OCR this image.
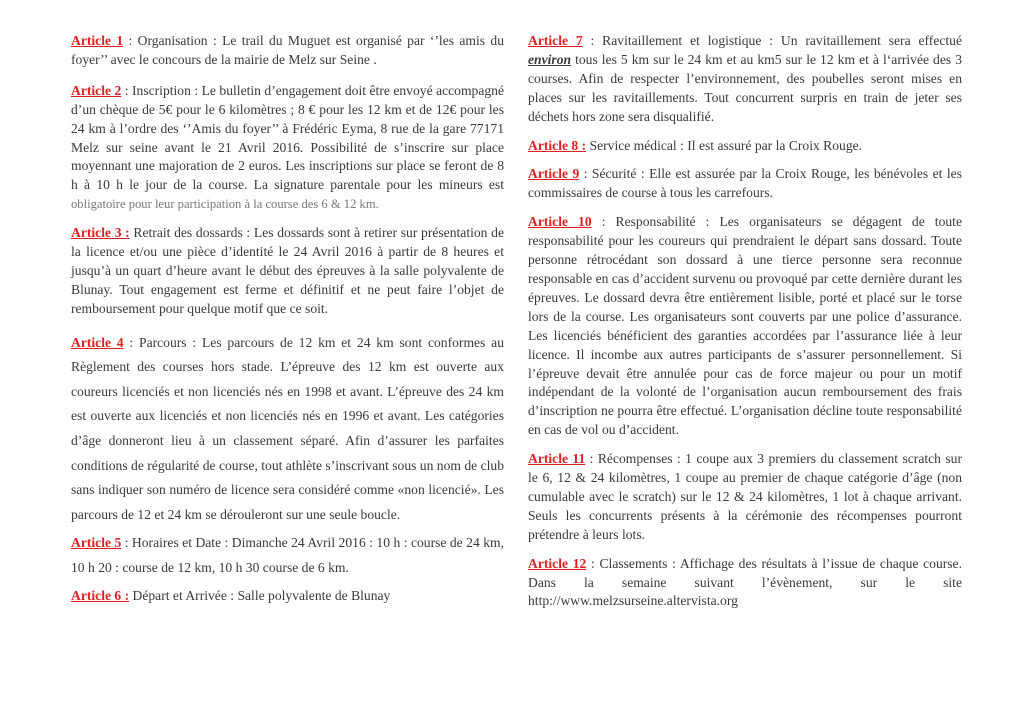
Article 1 : Organisation : Le trail du Muguet est organisé par ‘’les amis du foyer’’ avec le concours de la mairie de Melz sur Seine .

Article 2 : Inscription : Le bulletin d’engagement doit être envoyé accompagné d’un chèque de 5€ pour le 6 kilomètres ; 8 € pour les 12 km et de 12€ pour les 24 km à l’ordre des ‘’Amis du foyer’’ à Frédéric Eyma, 8 rue de la gare 77171 Melz sur seine avant le 21 Avril 2016. Possibilité de s’inscrire sur place moyennant une majoration de 2 euros. Les inscriptions sur place se feront de 8 h à 10 h le jour de la course. La signature parentale pour les mineurs est obligatoire pour leur participation à la course des 6 & 12 km.

Article 3 : Retrait des dossards : Les dossards sont à retirer sur présentation de la licence et/ou une pièce d’identité le 24 Avril 2016 à partir de 8 heures et jusqu’à un quart d’heure avant le début des épreuves à la salle polyvalente de Blunay. Tout engagement est ferme et définitif et ne peut faire l’objet de remboursement pour quelque motif que ce soit.

Article 4 : Parcours : Les parcours de 12 km et 24 km sont conformes au Règlement des courses hors stade. L’épreuve des 12 km est ouverte aux coureurs licenciés et non licenciés nés en 1998 et avant. L’épreuve des 24 km est ouverte aux licenciés et non licenciés nés en 1996 et avant. Les catégories d’âge donneront lieu à un classement séparé. Afin d’assurer les parfaites conditions de régularité de course, tout athlète s’inscrivant sous un nom de club sans indiquer son numéro de licence sera considéré comme «non licencié». Les parcours de 12 et 24 km se dérouleront sur une seule boucle.

Article 5 : Horaires et Date : Dimanche 24 Avril 2016 : 10 h : course de 24 km, 10 h 20 : course de 12 km, 10 h 30 course de 6 km.

Article 6 : Départ et Arrivée : Salle polyvalente de Blunay

Article 7 : Ravitaillement et logistique : Un ravitaillement sera effectué environ tous les 5 km sur le 24 km et au km5 sur le 12 km et à l‘arrivée des 3 courses. Afin de respecter l’environnement, des poubelles seront mises en places sur les ravitaillements. Tout concurrent surpris en train de jeter ses déchets hors zone sera disqualifié.

Article 8 : Service médical : Il est assuré par la Croix Rouge.

Article 9 : Sécurité : Elle est assurée par la Croix Rouge, les bénévoles et les commissaires de course à tous les carrefours.

Article 10 : Responsabilité : Les organisateurs se dégagent de toute responsabilité pour les coureurs qui prendraient le départ sans dossard. Toute personne rétrocédant son dossard à une tierce personne sera reconnue responsable en cas d’accident survenu ou provoqué par cette dernière durant les épreuves. Le dossard devra être entièrement lisible, porté et placé sur le torse lors de la course. Les organisateurs sont couverts par une police d’assurance. Les licenciés bénéficient des garanties accordées par l’assurance liée à leur licence. Il incombe aux autres participants de s’assurer personnellement. Si l’épreuve devait être annulée pour cas de force majeur ou pour un motif indépendant de la volonté de l’organisation aucun remboursement des frais d’inscription ne pourra être effectué. L’organisation décline toute responsabilité en cas de vol ou d’accident.

Article 11 : Récompenses : 1 coupe aux 3 premiers du classement scratch sur le 6, 12 & 24 kilomètres, 1 coupe au premier de chaque catégorie d’âge (non cumulable avec le scratch) sur le 12 & 24 kilomètres, 1 lot à chaque arrivant. Seuls les concurrents présents à la cérémonie des récompenses pourront prétendre à leurs lots.

Article 12 : Classements : Affichage des résultats à l’issue de chaque course. Dans la semaine suivant l’évènement, sur le site http://www.melzsurseine.altervista.org
